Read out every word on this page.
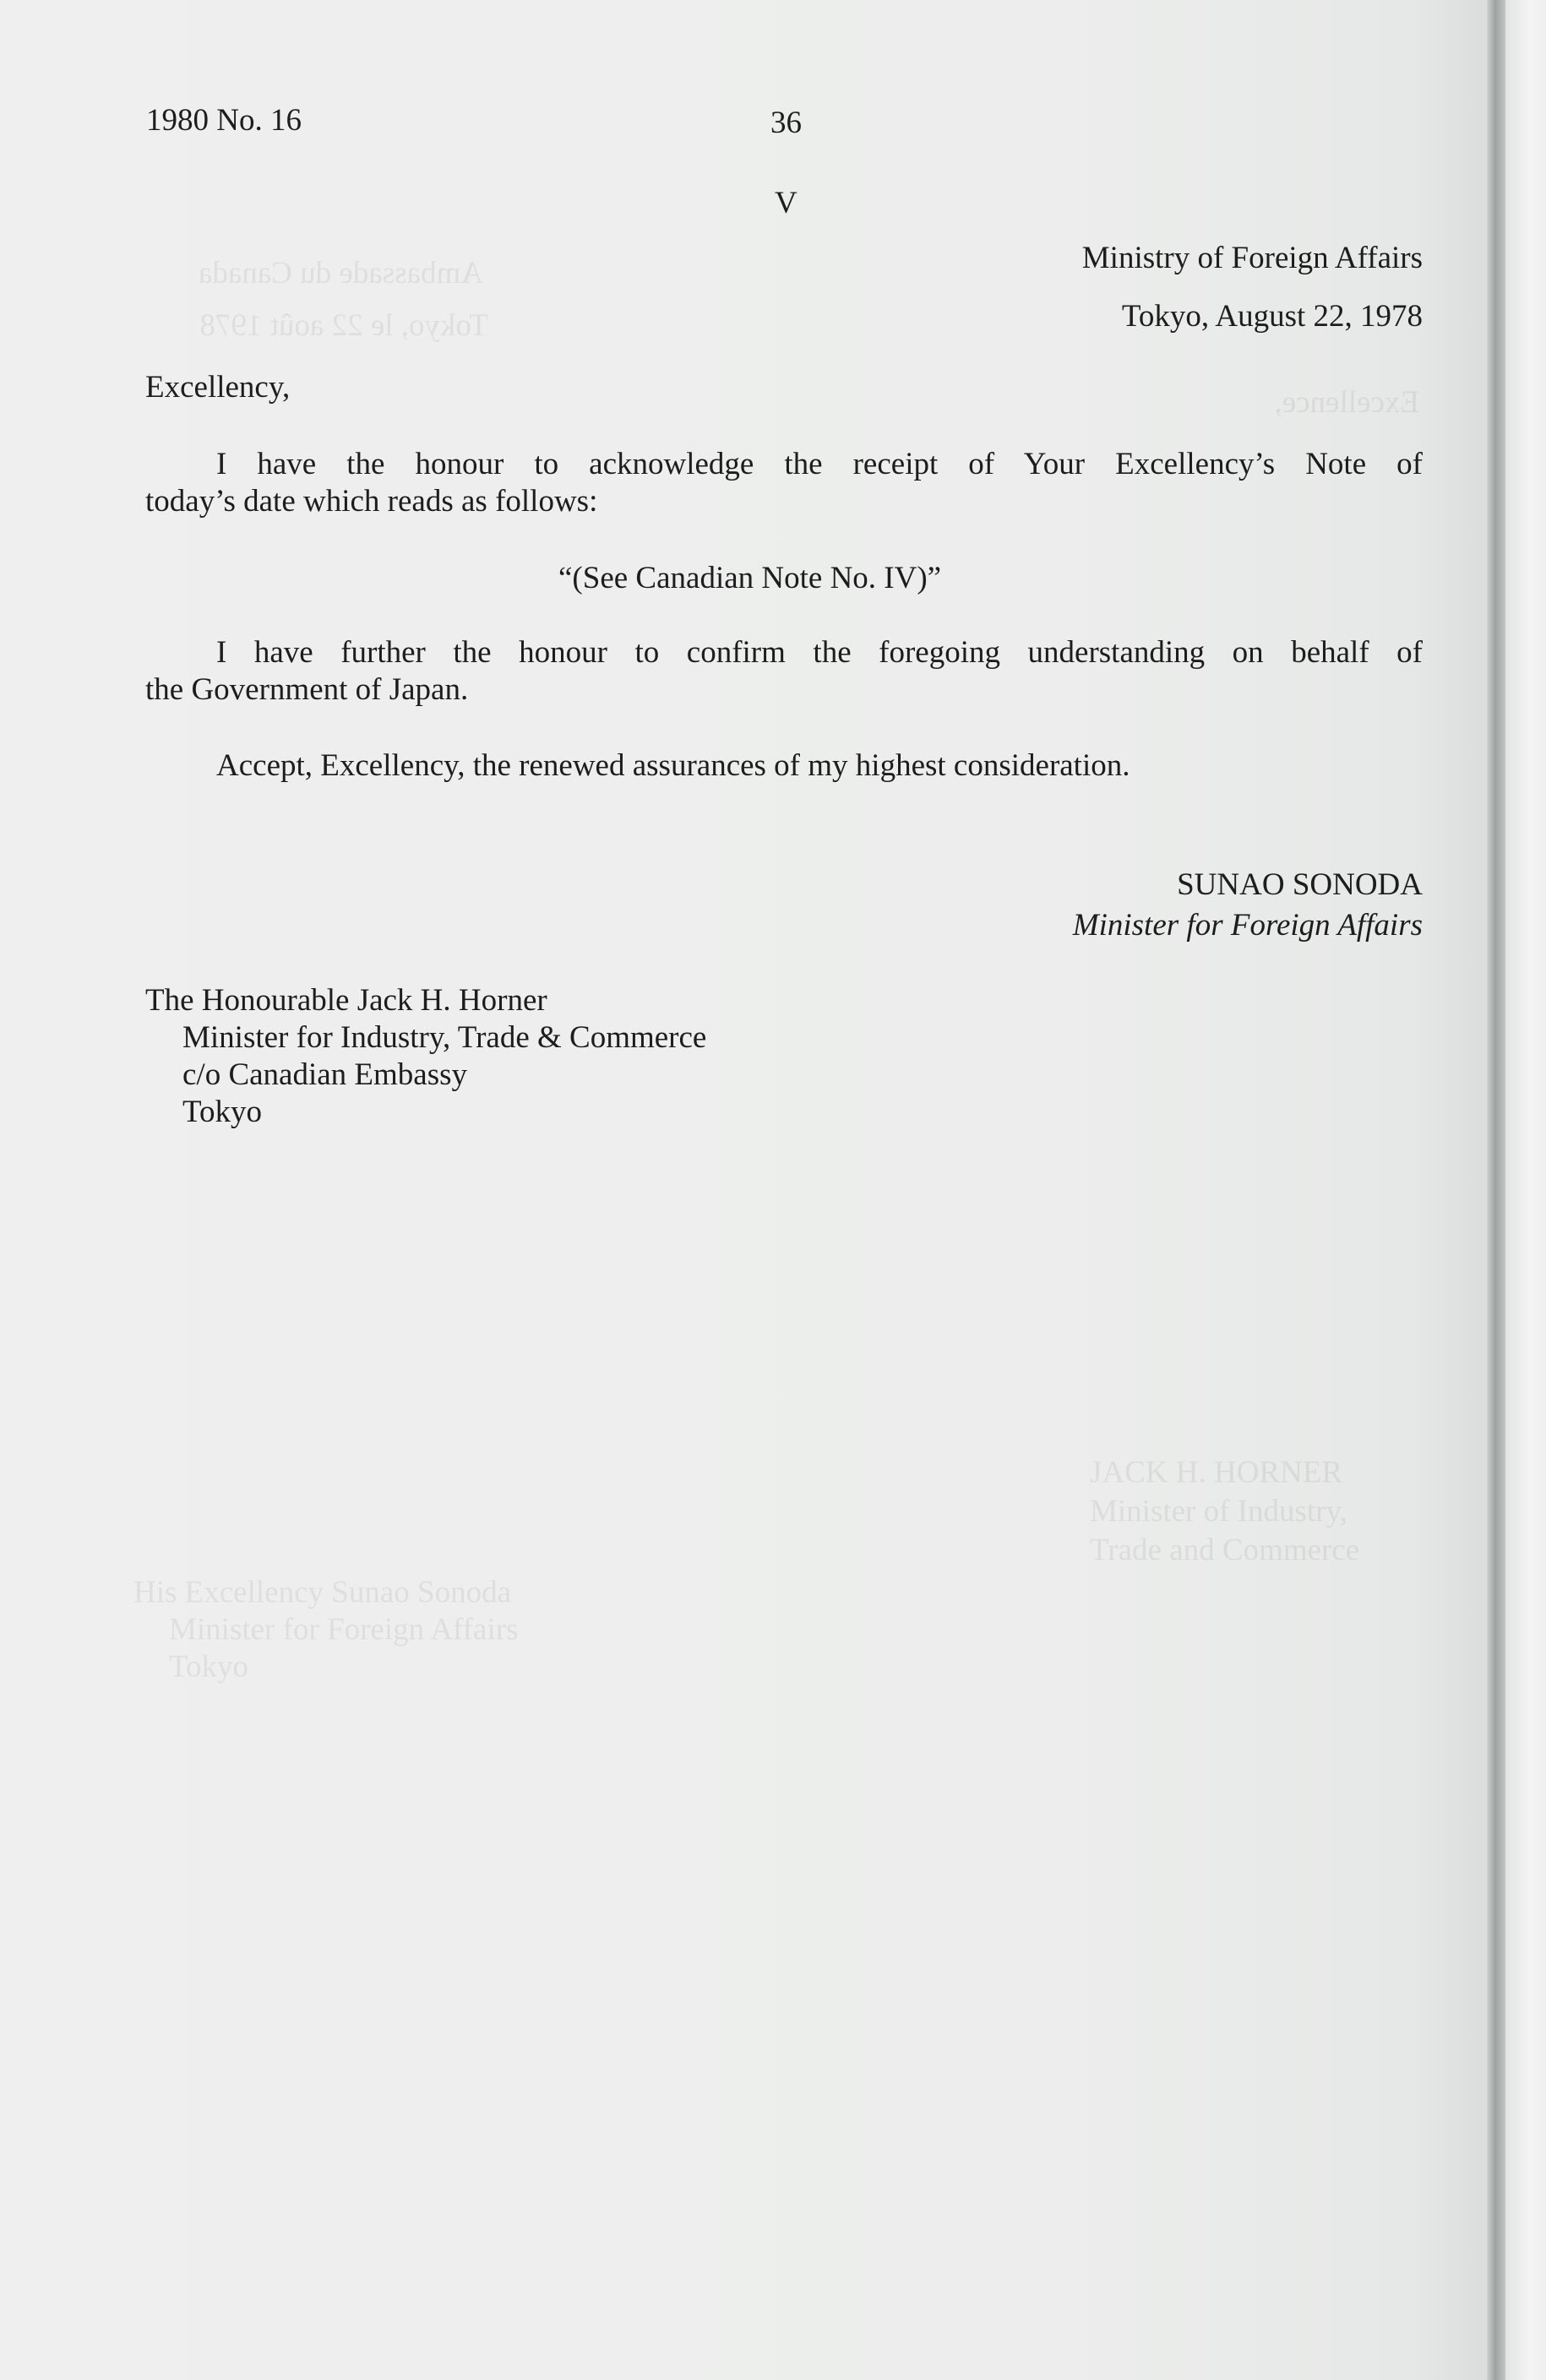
Ambassade du Canada
Tokyo, le 22 août 1978
Excellence,
JACK H. HORNER
Minister of Industry,
Trade and Commerce
His Excellency Sunao Sonoda
Minister for Foreign Affairs
Tokyo
1980 No. 16	36
V
Ministry of Foreign Affairs
Tokyo, August 22, 1978
Excellency,
I have the honour to acknowledge the receipt of Your Excellency’s Note of
today’s date which reads as follows:
“(See Canadian Note No. IV)”
I have further the honour to confirm the foregoing understanding on behalf of
the Government of Japan.
Accept, Excellency, the renewed assurances of my highest consideration.
SUNAO SONODA
Minister for Foreign Affairs
The Honourable Jack H. Horner
Minister for Industry, Trade & Commerce
c/o Canadian Embassy
Tokyo
